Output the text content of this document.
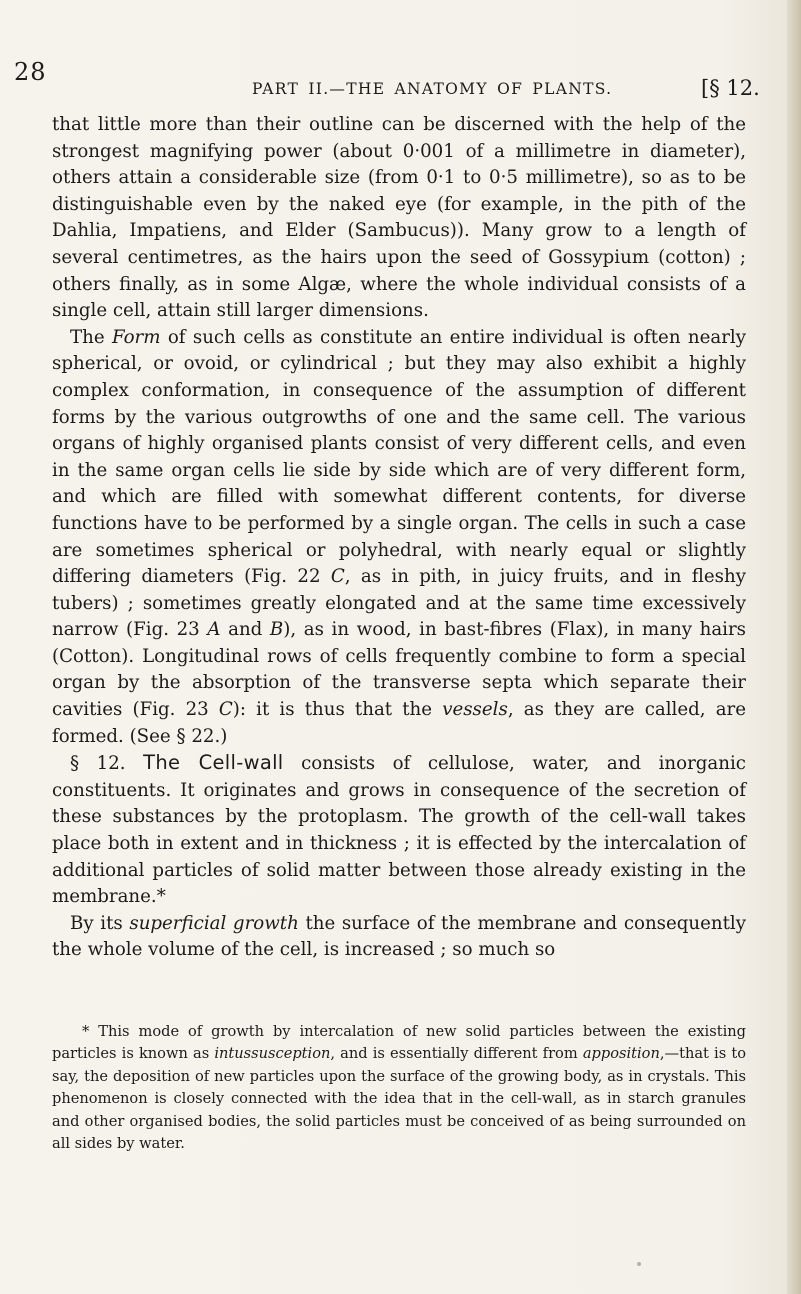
28
PART II.—THE ANATOMY OF PLANTS.	[§ 12.

that little more than their outline can be discerned with the help of the strongest magnifying power (about 0·001 of a millimetre in diameter), others attain a considerable size (from 0·1 to 0·5 millimetre), so as to be distinguishable even by the naked eye (for example, in the pith of the Dahlia, Impatiens, and Elder (Sambucus)). Many grow to a length of several centimetres, as the hairs upon the seed of Gossypium (cotton) ; others finally, as in some Algæ, where the whole individual consists of a single cell, attain still larger dimensions.

The Form of such cells as constitute an entire individual is often nearly spherical, or ovoid, or cylindrical ; but they may also exhibit a highly complex conformation, in consequence of the assumption of different forms by the various outgrowths of one and the same cell. The various organs of highly organised plants consist of very different cells, and even in the same organ cells lie side by side which are of very different form, and which are filled with somewhat different contents, for diverse functions have to be performed by a single organ. The cells in such a case are sometimes spherical or polyhedral, with nearly equal or slightly differing diameters (Fig. 22 C, as in pith, in juicy fruits, and in fleshy tubers) ; sometimes greatly elongated and at the same time excessively narrow (Fig. 23 A and B), as in wood, in bast-fibres (Flax), in many hairs (Cotton). Longitudinal rows of cells frequently combine to form a special organ by the absorption of the transverse septa which separate their cavities (Fig. 23 C): it is thus that the vessels, as they are called, are formed. (See § 22.)

§ 12. The Cell-wall consists of cellulose, water, and inorganic constituents. It originates and grows in consequence of the secretion of these substances by the protoplasm. The growth of the cell-wall takes place both in extent and in thickness ; it is effected by the intercalation of additional particles of solid matter between those already existing in the membrane.*

By its superficial growth the surface of the membrane and consequently the whole volume of the cell, is increased ; so much so

* This mode of growth by intercalation of new solid particles between the existing particles is known as intussusception, and is essentially different from apposition,—that is to say, the deposition of new particles upon the surface of the growing body, as in crystals. This phenomenon is closely connected with the idea that in the cell-wall, as in starch granules and other organised bodies, the solid particles must be conceived of as being surrounded on all sides by water.
